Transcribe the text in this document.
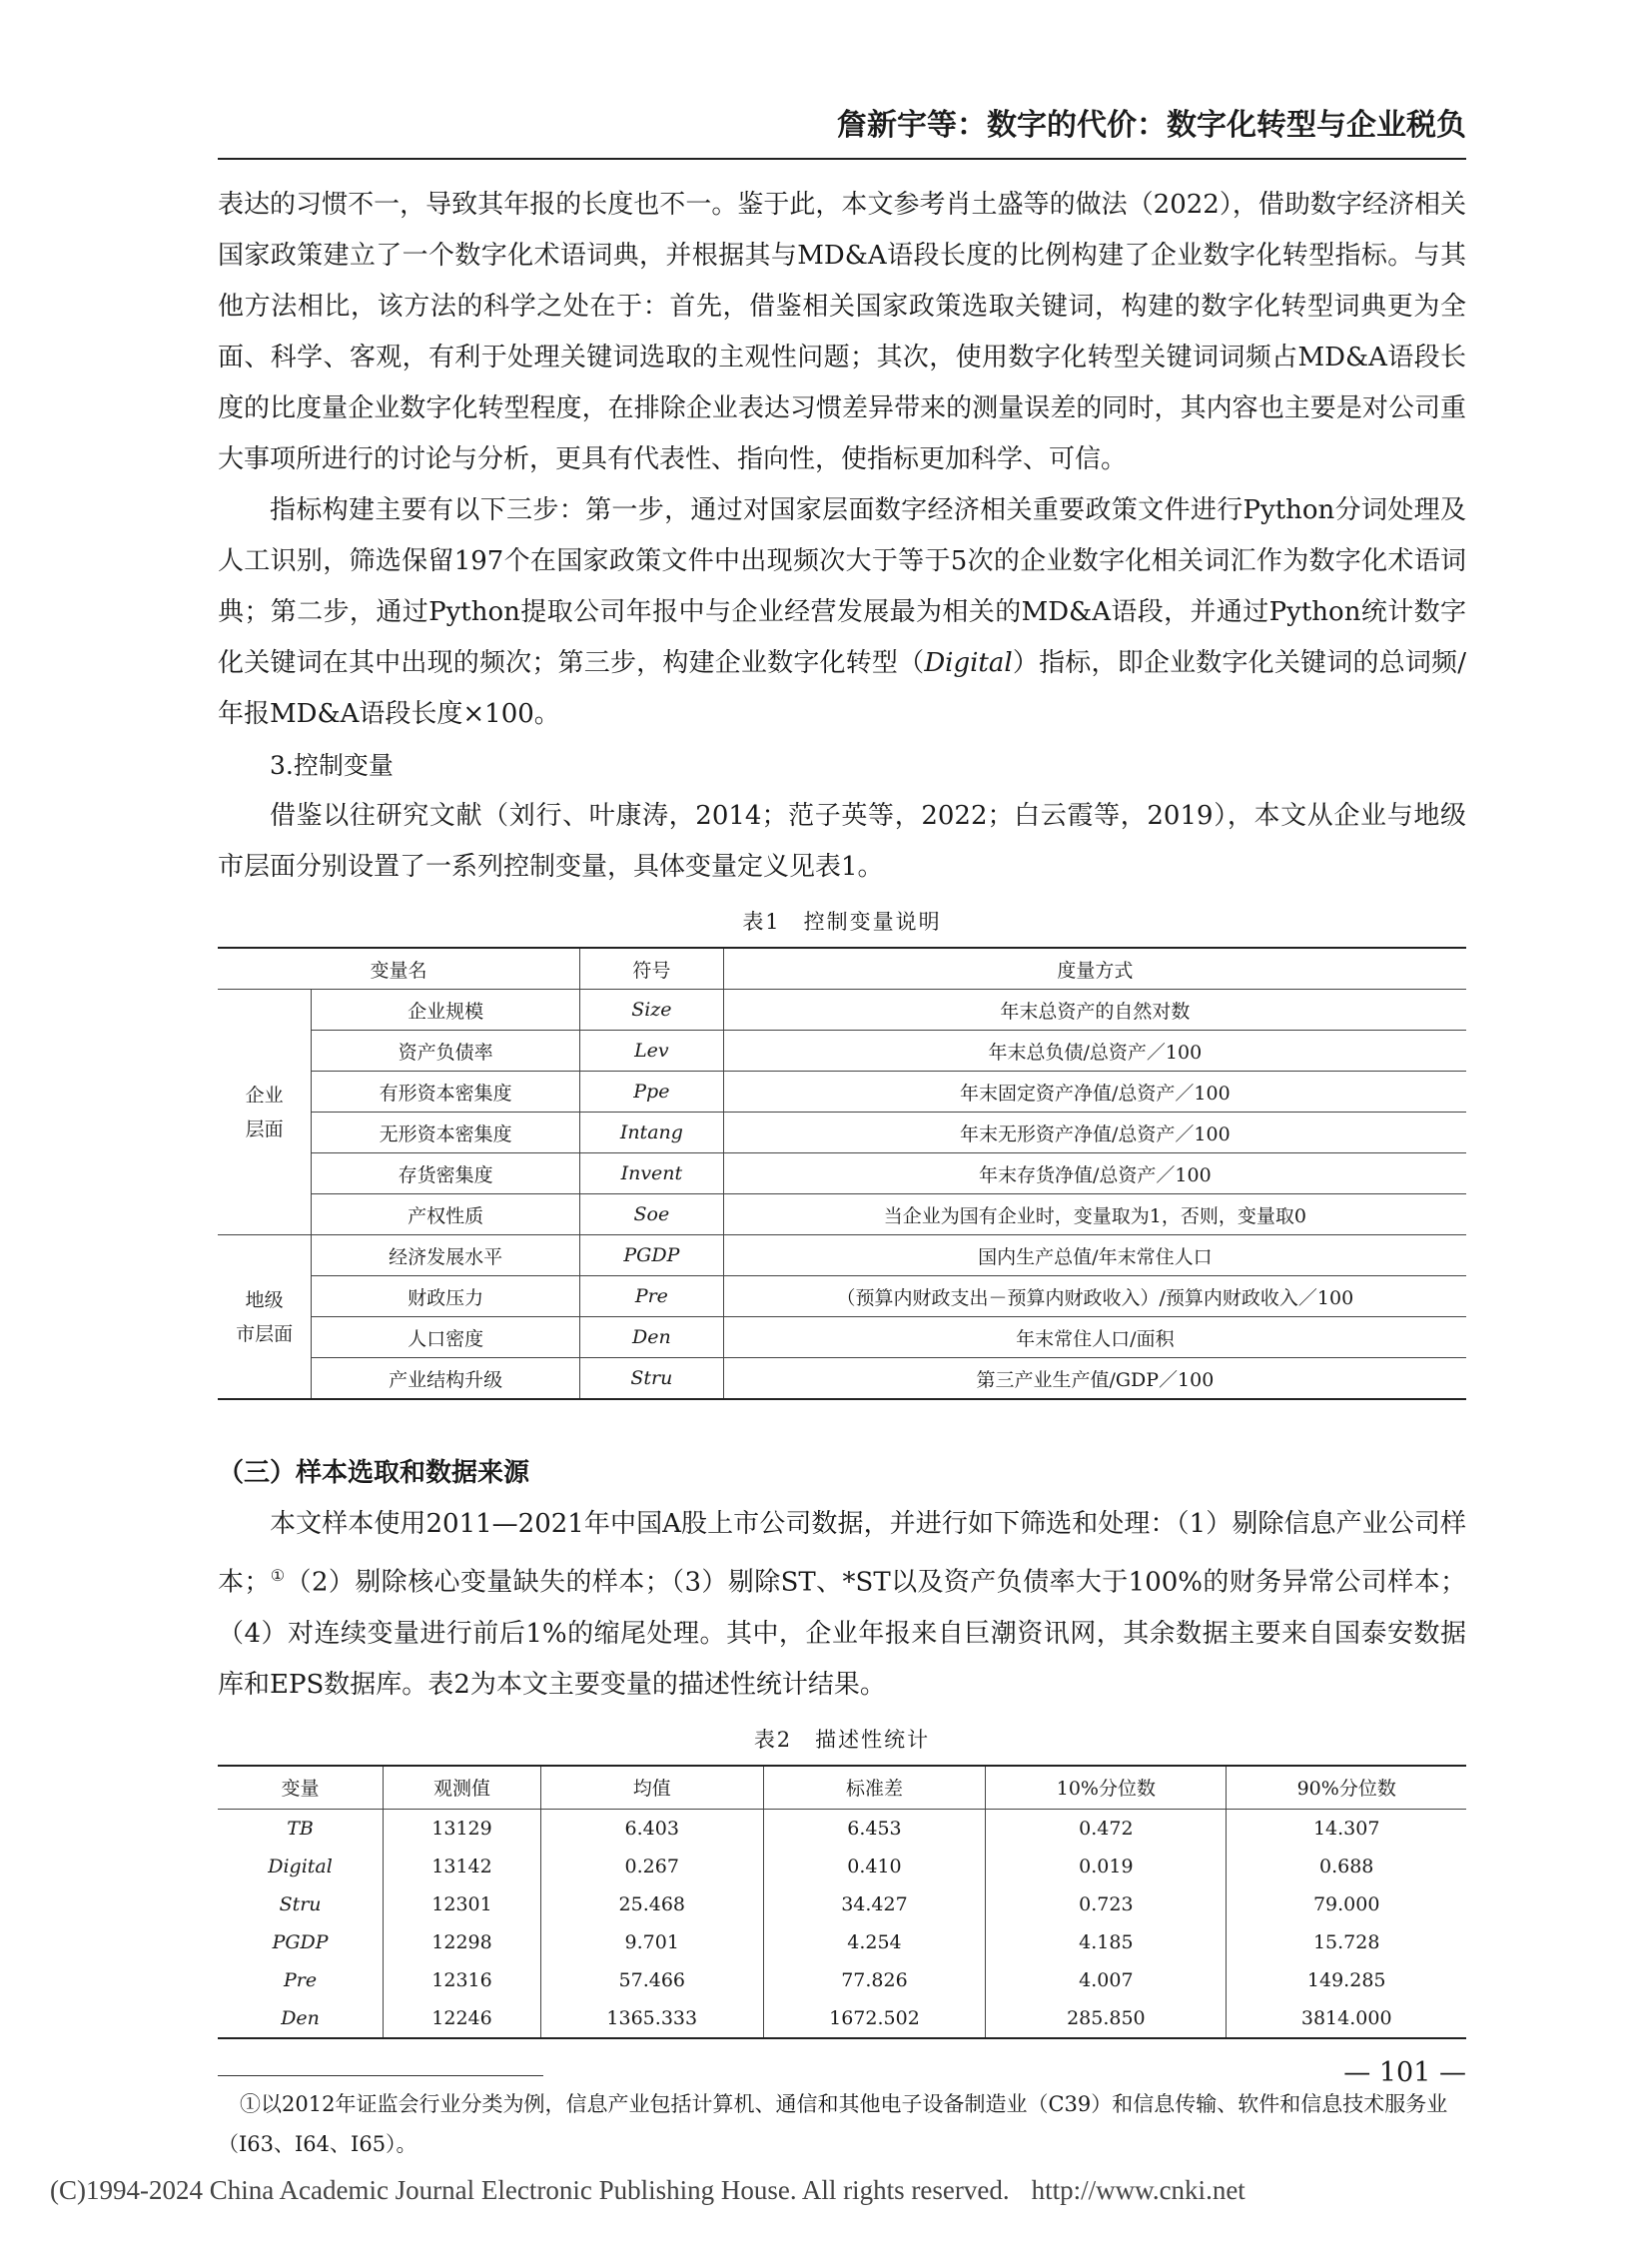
詹新宇等：数字的代价：数字化转型与企业税负

表达的习惯不一，导致其年报的长度也不一。鉴于此，本文参考肖土盛等的做法（2022），借助数字经济相关国家政策建立了一个数字化术语词典，并根据其与MD&A语段长度的比例构建了企业数字化转型指标。与其他方法相比，该方法的科学之处在于：首先，借鉴相关国家政策选取关键词，构建的数字化转型词典更为全面、科学、客观，有利于处理关键词选取的主观性问题；其次，使用数字化转型关键词词频占MD&A语段长度的比度量企业数字化转型程度，在排除企业表达习惯差异带来的测量误差的同时，其内容也主要是对公司重大事项所进行的讨论与分析，更具有代表性、指向性，使指标更加科学、可信。

指标构建主要有以下三步：第一步，通过对国家层面数字经济相关重要政策文件进行Python分词处理及人工识别，筛选保留197个在国家政策文件中出现频次大于等于5次的企业数字化相关词汇作为数字化术语词典；第二步，通过Python提取公司年报中与企业经营发展最为相关的MD&A语段，并通过Python统计数字化关键词在其中出现的频次；第三步，构建企业数字化转型（Digital）指标，即企业数字化关键词的总词频/年报MD&A语段长度×100。

3.控制变量

借鉴以往研究文献（刘行、叶康涛，2014；范子英等，2022；白云霞等，2019），本文从企业与地级市层面分别设置了一系列控制变量，具体变量定义见表1。

表1　控制变量说明
变量名		符号	度量方式
企业
层面	企业规模	Size	年末总资产的自然对数
	资产负债率	Lev	年末总负债/总资产／100
	有形资本密集度	Ppe	年末固定资产净值/总资产／100
	无形资本密集度	Intang	年末无形资产净值/总资产／100
	存货密集度	Invent	年末存货净值/总资产／100
	产权性质	Soe	当企业为国有企业时，变量取为1，否则，变量取0
地级
市层面	经济发展水平	PGDP	国内生产总值/年末常住人口
	财政压力	Pre	（预算内财政支出－预算内财政收入）/预算内财政收入／100
	人口密度	Den	年末常住人口/面积
	产业结构升级	Stru	第三产业生产值/GDP／100

（三）样本选取和数据来源

本文样本使用2011—2021年中国A股上市公司数据，并进行如下筛选和处理：（1）剔除信息产业公司样本；①（2）剔除核心变量缺失的样本；（3）剔除ST、*ST以及资产负债率大于100%的财务异常公司样本；（4）对连续变量进行前后1%的缩尾处理。其中，企业年报来自巨潮资讯网，其余数据主要来自国泰安数据库和EPS数据库。表2为本文主要变量的描述性统计结果。

表2　描述性统计
变量	观测值	均值	标准差	10%分位数	90%分位数
TB	13129	6.403	6.453	0.472	14.307
Digital	13142	0.267	0.410	0.019	0.688
Stru	12301	25.468	34.427	0.723	79.000
PGDP	12298	9.701	4.254	4.185	15.728
Pre	12316	57.466	77.826	4.007	149.285
Den	12246	1365.333	1672.502	285.850	3814.000

①以2012年证监会行业分类为例，信息产业包括计算机、通信和其他电子设备制造业（C39）和信息传输、软件和信息技术服务业（I63、I64、I65）。

— 101 —
(C)1994-2024 China Academic Journal Electronic Publishing House. All rights reserved. http://www.cnki.net
